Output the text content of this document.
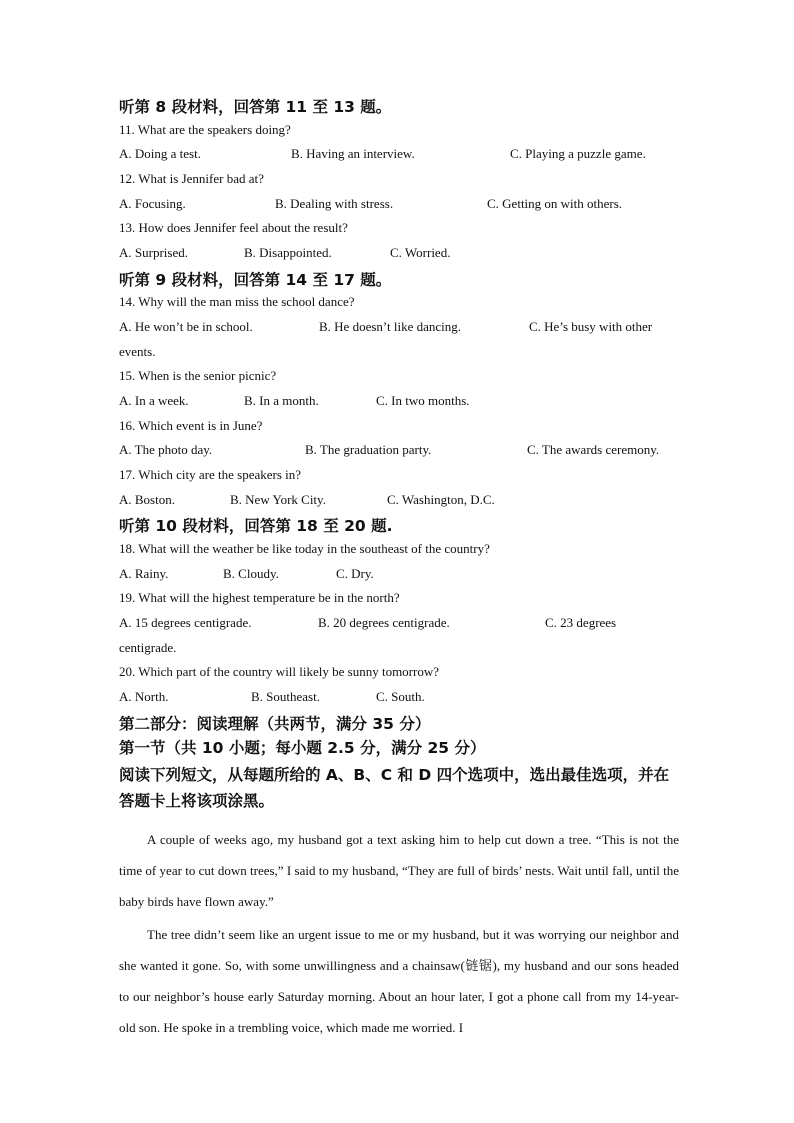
听第 8 段材料，回答第 11 至 13 题。
11. What are the speakers doing?
A. Doing a test.	B. Having an interview.	C. Playing a puzzle game.
12. What is Jennifer bad at?
A. Focusing.	B. Dealing with stress.	C. Getting on with others.
13. How does Jennifer feel about the result?
A. Surprised.	B. Disappointed.	C. Worried.
听第 9 段材料，回答第 14 至 17 题。
14. Why will the man miss the school dance?
A. He won’t be in school.	B. He doesn’t like dancing.	C. He’s busy with other
events.
15. When is the senior picnic?
A. In a week.	B. In a month.	C. In two months.
16. Which event is in June?
A. The photo day.	B. The graduation party.	C. The awards ceremony.
17. Which city are the speakers in?
A. Boston.	B. New York City.	C. Washington, D.C.
听第 10 段材料，回答第 18 至 20 题.
18. What will the weather be like today in the southeast of the country?
A. Rainy.	B. Cloudy.	C. Dry.
19. What will the highest temperature be in the north?
A. 15 degrees centigrade.	B. 20 degrees centigrade.	C. 23 degrees
centigrade.
20. Which part of the country will likely be sunny tomorrow?
A. North.	B. Southeast.	C. South.
第二部分：阅读理解（共两节，满分 35 分）
第一节（共 10 小题；每小题 2.5 分，满分 25 分）
阅读下列短文，从每题所给的 A、B、C 和 D 四个选项中，选出最佳选项，并在答题卡上将该项涂黑。

A couple of weeks ago, my husband got a text asking him to help cut down a tree. “This is not the time of year to cut down trees,” I said to my husband, “They are full of birds’ nests. Wait until fall, until the baby birds have flown away.”

The tree didn’t seem like an urgent issue to me or my husband, but it was worrying our neighbor and she wanted it gone. So, with some unwillingness and a chainsaw(链锯), my husband and our sons headed to our neighbor’s house early Saturday morning. About an hour later, I got a phone call from my 14-year-old son. He spoke in a trembling voice, which made me worried. I
